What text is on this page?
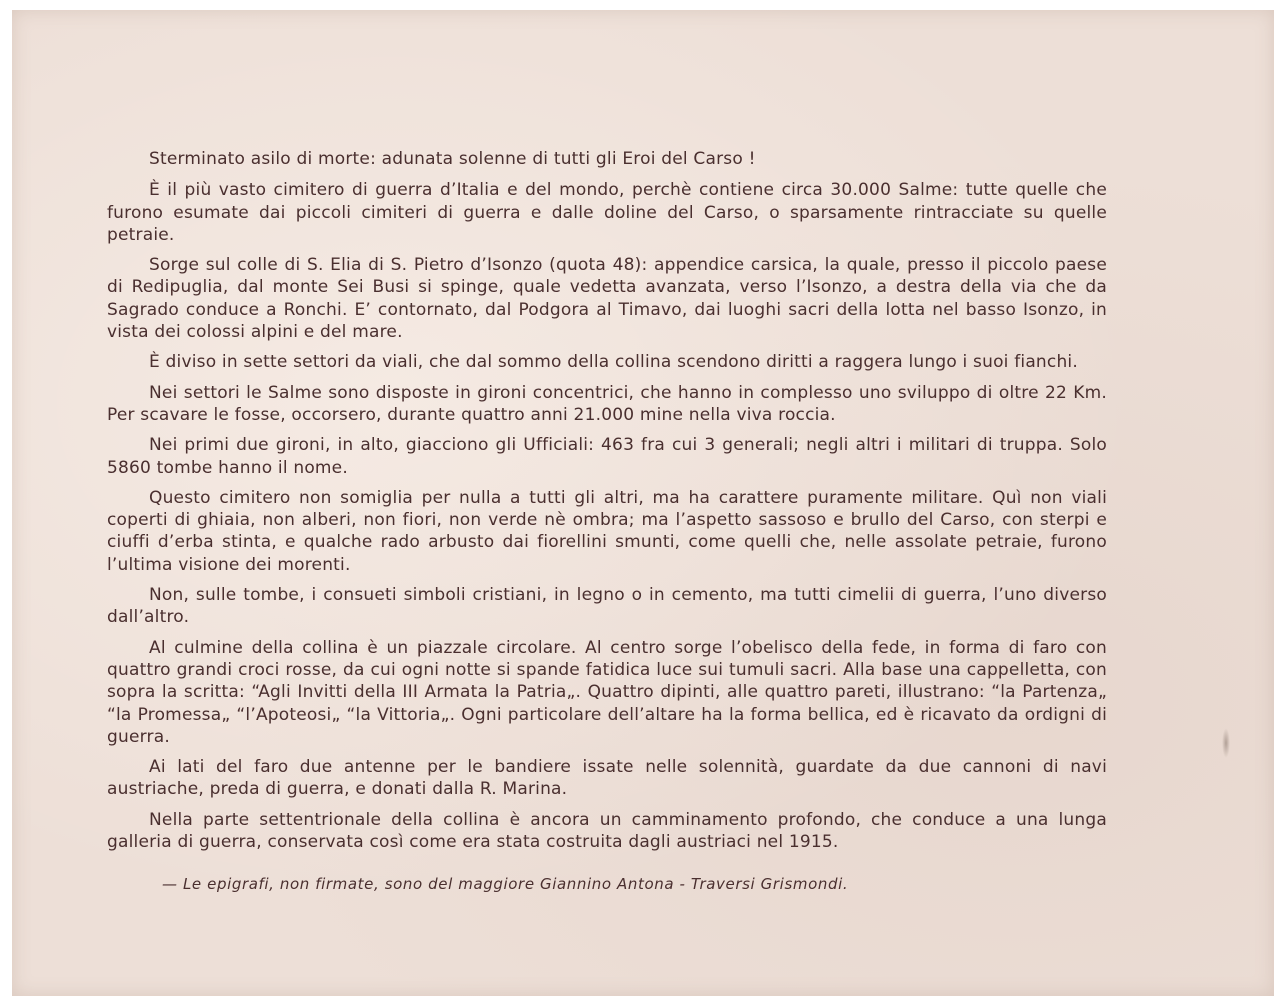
Sterminato asilo di morte: adunata solenne di tutti gli Eroi del Carso !

È il più vasto cimitero di guerra d’Italia e del mondo, perchè contiene circa 30.000 Salme: tutte quelle che furono esumate dai piccoli cimiteri di guerra e dalle doline del Carso, o sparsamente rintracciate su quelle petraie.

Sorge sul colle di S. Elia di S. Pietro d’Isonzo (quota 48): appendice carsica, la quale, presso il piccolo paese di Redipuglia, dal monte Sei Busi si spinge, quale vedetta avanzata, verso l’Isonzo, a destra della via che da Sagrado conduce a Ronchi. E’ contornato, dal Podgora al Timavo, dai luoghi sacri della lotta nel basso Isonzo, in vista dei colossi alpini e del mare.

È diviso in sette settori da viali, che dal sommo della collina scendono diritti a raggera lungo i suoi fianchi.

Nei settori le Salme sono disposte in gironi concentrici, che hanno in complesso uno sviluppo di oltre 22 Km. Per scavare le fosse, occorsero, durante quattro anni 21.000 mine nella viva roccia.

Nei primi due gironi, in alto, giacciono gli Ufficiali: 463 fra cui 3 generali; negli altri i militari di truppa. Solo 5860 tombe hanno il nome.

Questo cimitero non somiglia per nulla a tutti gli altri, ma ha carattere puramente militare. Quì non viali coperti di ghiaia, non alberi, non fiori, non verde nè ombra; ma l’aspetto sassoso e brullo del Carso, con sterpi e ciuffi d’erba stinta, e qualche rado arbusto dai fiorellini smunti, come quelli che, nelle assolate petraie, furono l’ultima visione dei morenti.

Non, sulle tombe, i consueti simboli cristiani, in legno o in cemento, ma tutti cimelii di guerra, l’uno diverso dall’altro.

Al culmine della collina è un piazzale circolare. Al centro sorge l’obelisco della fede, in forma di faro con quattro grandi croci rosse, da cui ogni notte si spande fatidica luce sui tumuli sacri. Alla base una cappelletta, con sopra la scritta: “Agli Invitti della III Armata la Patria„. Quattro dipinti, alle quattro pareti, illustrano: “la Partenza„ “la Promessa„ “l’Apoteosi„ “la Vittoria„. Ogni particolare dell’altare ha la forma bellica, ed è ricavato da ordigni di guerra.

Ai lati del faro due antenne per le bandiere issate nelle solennità, guardate da due cannoni di navi austriache, preda di guerra, e donati dalla R. Marina.

Nella parte settentrionale della collina è ancora un camminamento profondo, che conduce a una lunga galleria di guerra, conservata così come era stata costruita dagli austriaci nel 1915.

— Le epigrafi, non firmate, sono del maggiore Giannino Antona - Traversi Grismondi.
